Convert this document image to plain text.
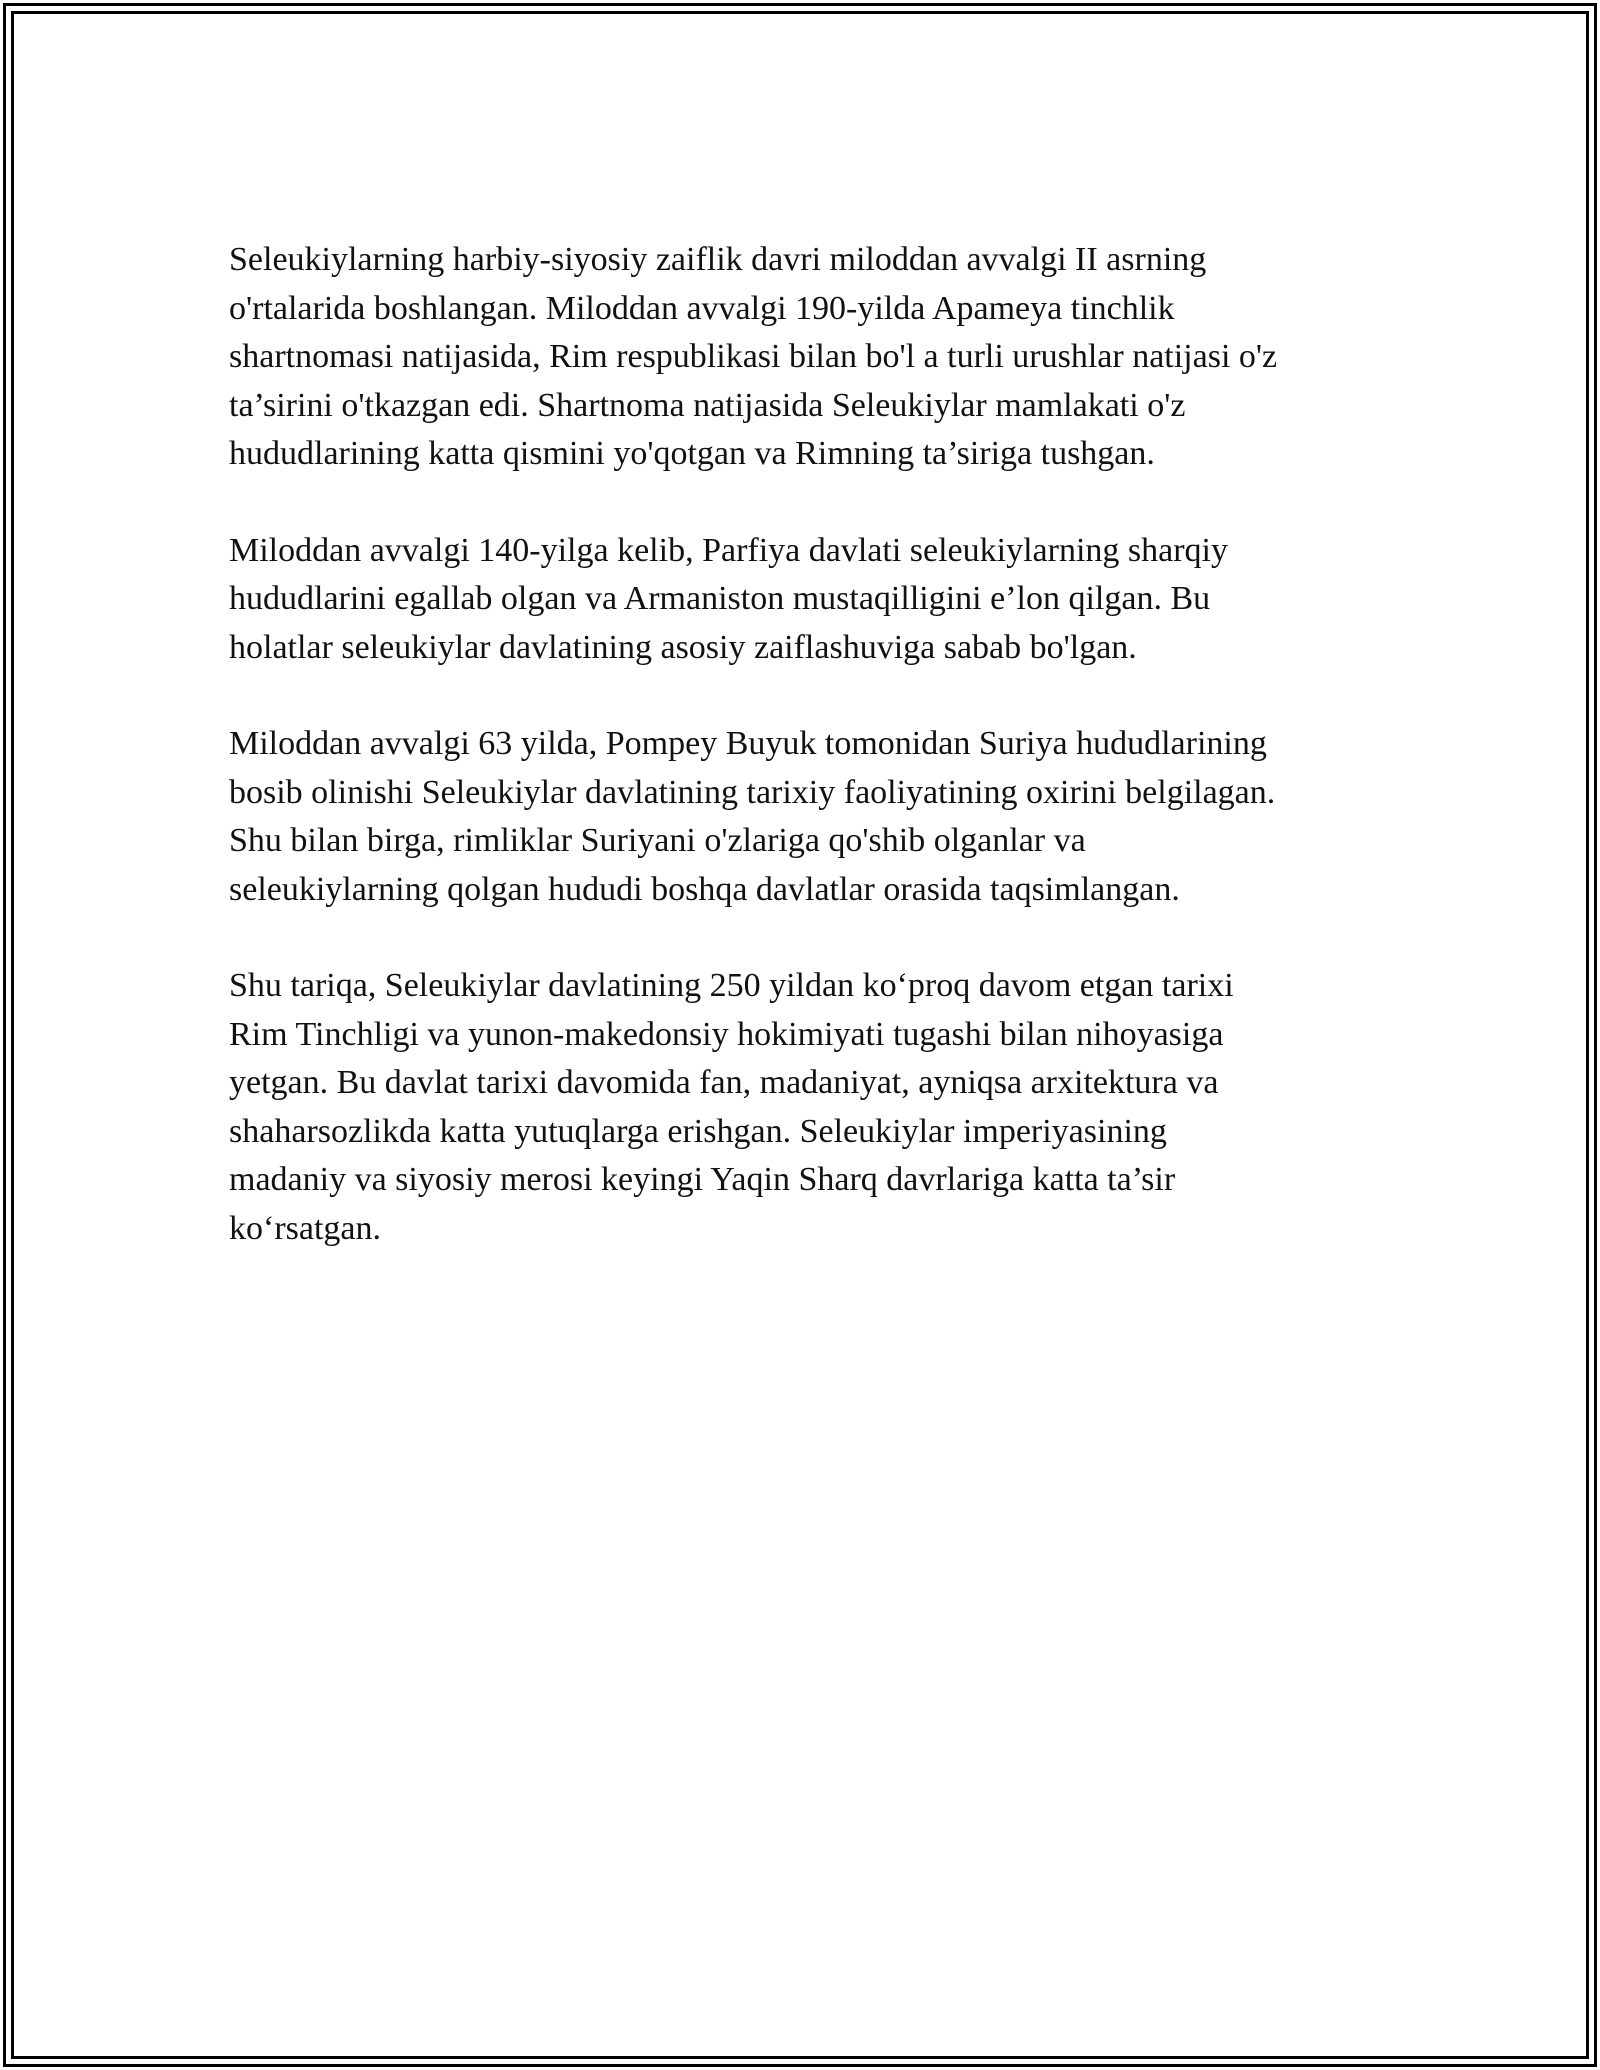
Seleukiylarning harbiy-siyosiy zaiflik davri miloddan avvalgi II asrning
o'rtalarida boshlangan. Miloddan avvalgi 190-yilda Apameya tinchlik
shartnomasi natijasida, Rim respublikasi bilan bo'l a turli urushlar natijasi o'z
ta’sirini o'tkazgan edi. Shartnoma natijasida Seleukiylar mamlakati o'z
hududlarining katta qismini yo'qotgan va Rimning ta’siriga tushgan.

Miloddan avvalgi 140-yilga kelib, Parfiya davlati seleukiylarning sharqiy
hududlarini egallab olgan va Armaniston mustaqilligini e’lon qilgan. Bu
holatlar seleukiylar davlatining asosiy zaiflashuviga sabab bo'lgan.

Miloddan avvalgi 63 yilda, Pompey Buyuk tomonidan Suriya hududlarining
bosib olinishi Seleukiylar davlatining tarixiy faoliyatining oxirini belgilagan.
Shu bilan birga, rimliklar Suriyani o'zlariga qo'shib olganlar va
seleukiylarning qolgan hududi boshqa davlatlar orasida taqsimlangan.

Shu tariqa, Seleukiylar davlatining 250 yildan ko‘proq davom etgan tarixi
Rim Tinchligi va yunon-makedonsiy hokimiyati tugashi bilan nihoyasiga
yetgan. Bu davlat tarixi davomida fan, madaniyat, ayniqsa arxitektura va
shaharsozlikda katta yutuqlarga erishgan. Seleukiylar imperiyasining
madaniy va siyosiy merosi keyingi Yaqin Sharq davrlariga katta ta’sir
ko‘rsatgan.
